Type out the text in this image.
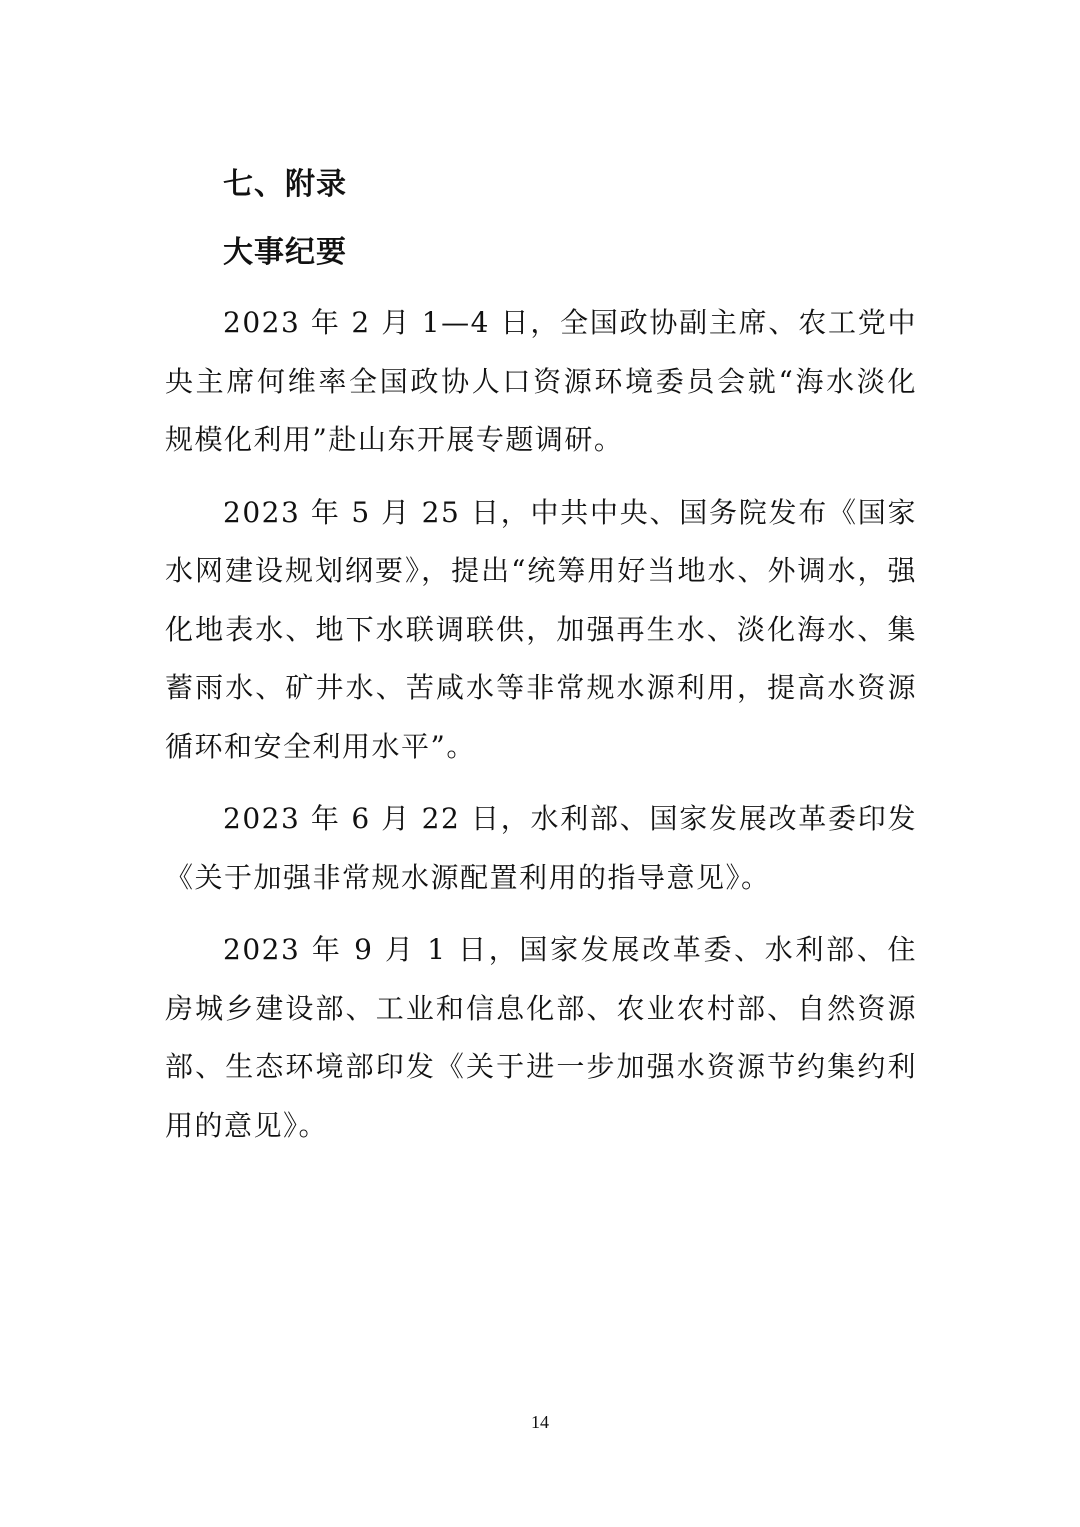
七、附录
大事纪要

2023 年 2 月 1—4 日，全国政协副主席、农工党中央主席何维率全国政协人口资源环境委员会就“海水淡化规模化利用”赴山东开展专题调研。

2023 年 5 月 25 日，中共中央、国务院发布《国家水网建设规划纲要》，提出“统筹用好当地水、外调水，强化地表水、地下水联调联供，加强再生水、淡化海水、集蓄雨水、矿井水、苦咸水等非常规水源利用，提高水资源循环和安全利用水平”。

2023 年 6 月 22 日，水利部、国家发展改革委印发《关于加强非常规水源配置利用的指导意见》。

2023 年 9 月 1 日，国家发展改革委、水利部、住房城乡建设部、工业和信息化部、农业农村部、自然资源部、生态环境部印发《关于进一步加强水资源节约集约利用的意见》。

14
